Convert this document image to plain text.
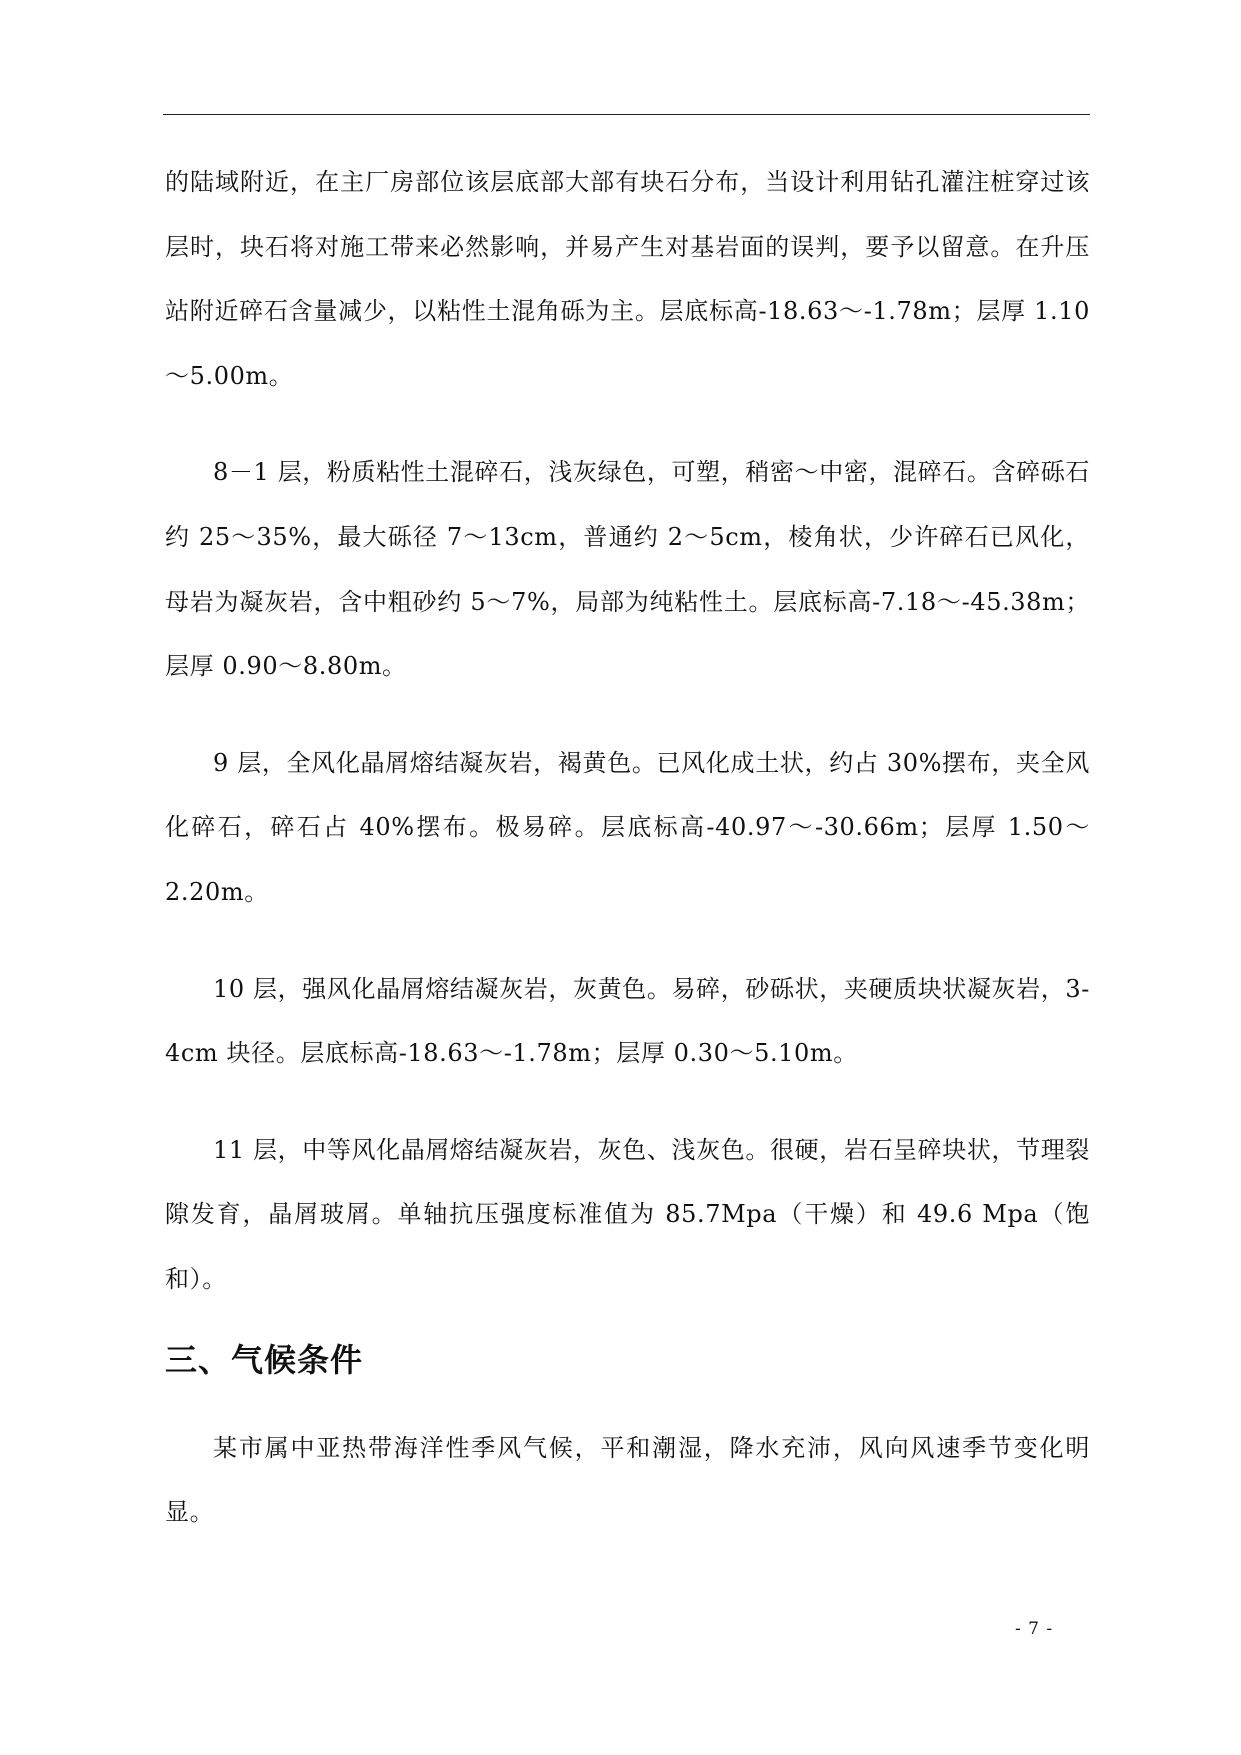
的陆域附近，在主厂房部位该层底部大部有块石分布，当设计利用钻孔灌注桩穿过该层时，块石将对施工带来必然影响，并易产生对基岩面的误判，要予以留意。在升压站附近碎石含量减少，以粘性土混角砾为主。层底标高-18.63～-1.78m；层厚 1.10～5.00m。

8－1 层，粉质粘性土混碎石，浅灰绿色，可塑，稍密～中密，混碎石。含碎砾石约 25～35%，最大砾径 7～13cm，普通约 2～5cm，棱角状，少许碎石已风化，母岩为凝灰岩，含中粗砂约 5～7%，局部为纯粘性土。层底标高-7.18～-45.38m；层厚 0.90～8.80m。

9 层，全风化晶屑熔结凝灰岩，褐黄色。已风化成土状，约占 30%摆布，夹全风化碎石，碎石占 40%摆布。极易碎。层底标高-40.97～-30.66m；层厚 1.50～2.20m。

10 层，强风化晶屑熔结凝灰岩，灰黄色。易碎，砂砾状，夹硬质块状凝灰岩，3-4cm 块径。层底标高-18.63～-1.78m；层厚 0.30～5.10m。

11 层，中等风化晶屑熔结凝灰岩，灰色、浅灰色。很硬，岩石呈碎块状，节理裂隙发育，晶屑玻屑。单轴抗压强度标准值为 85.7Mpa（干燥）和 49.6 Mpa（饱和）。

三、气候条件

某市属中亚热带海洋性季风气候，平和潮湿，降水充沛，风向风速季节变化明显。

- 7 -
